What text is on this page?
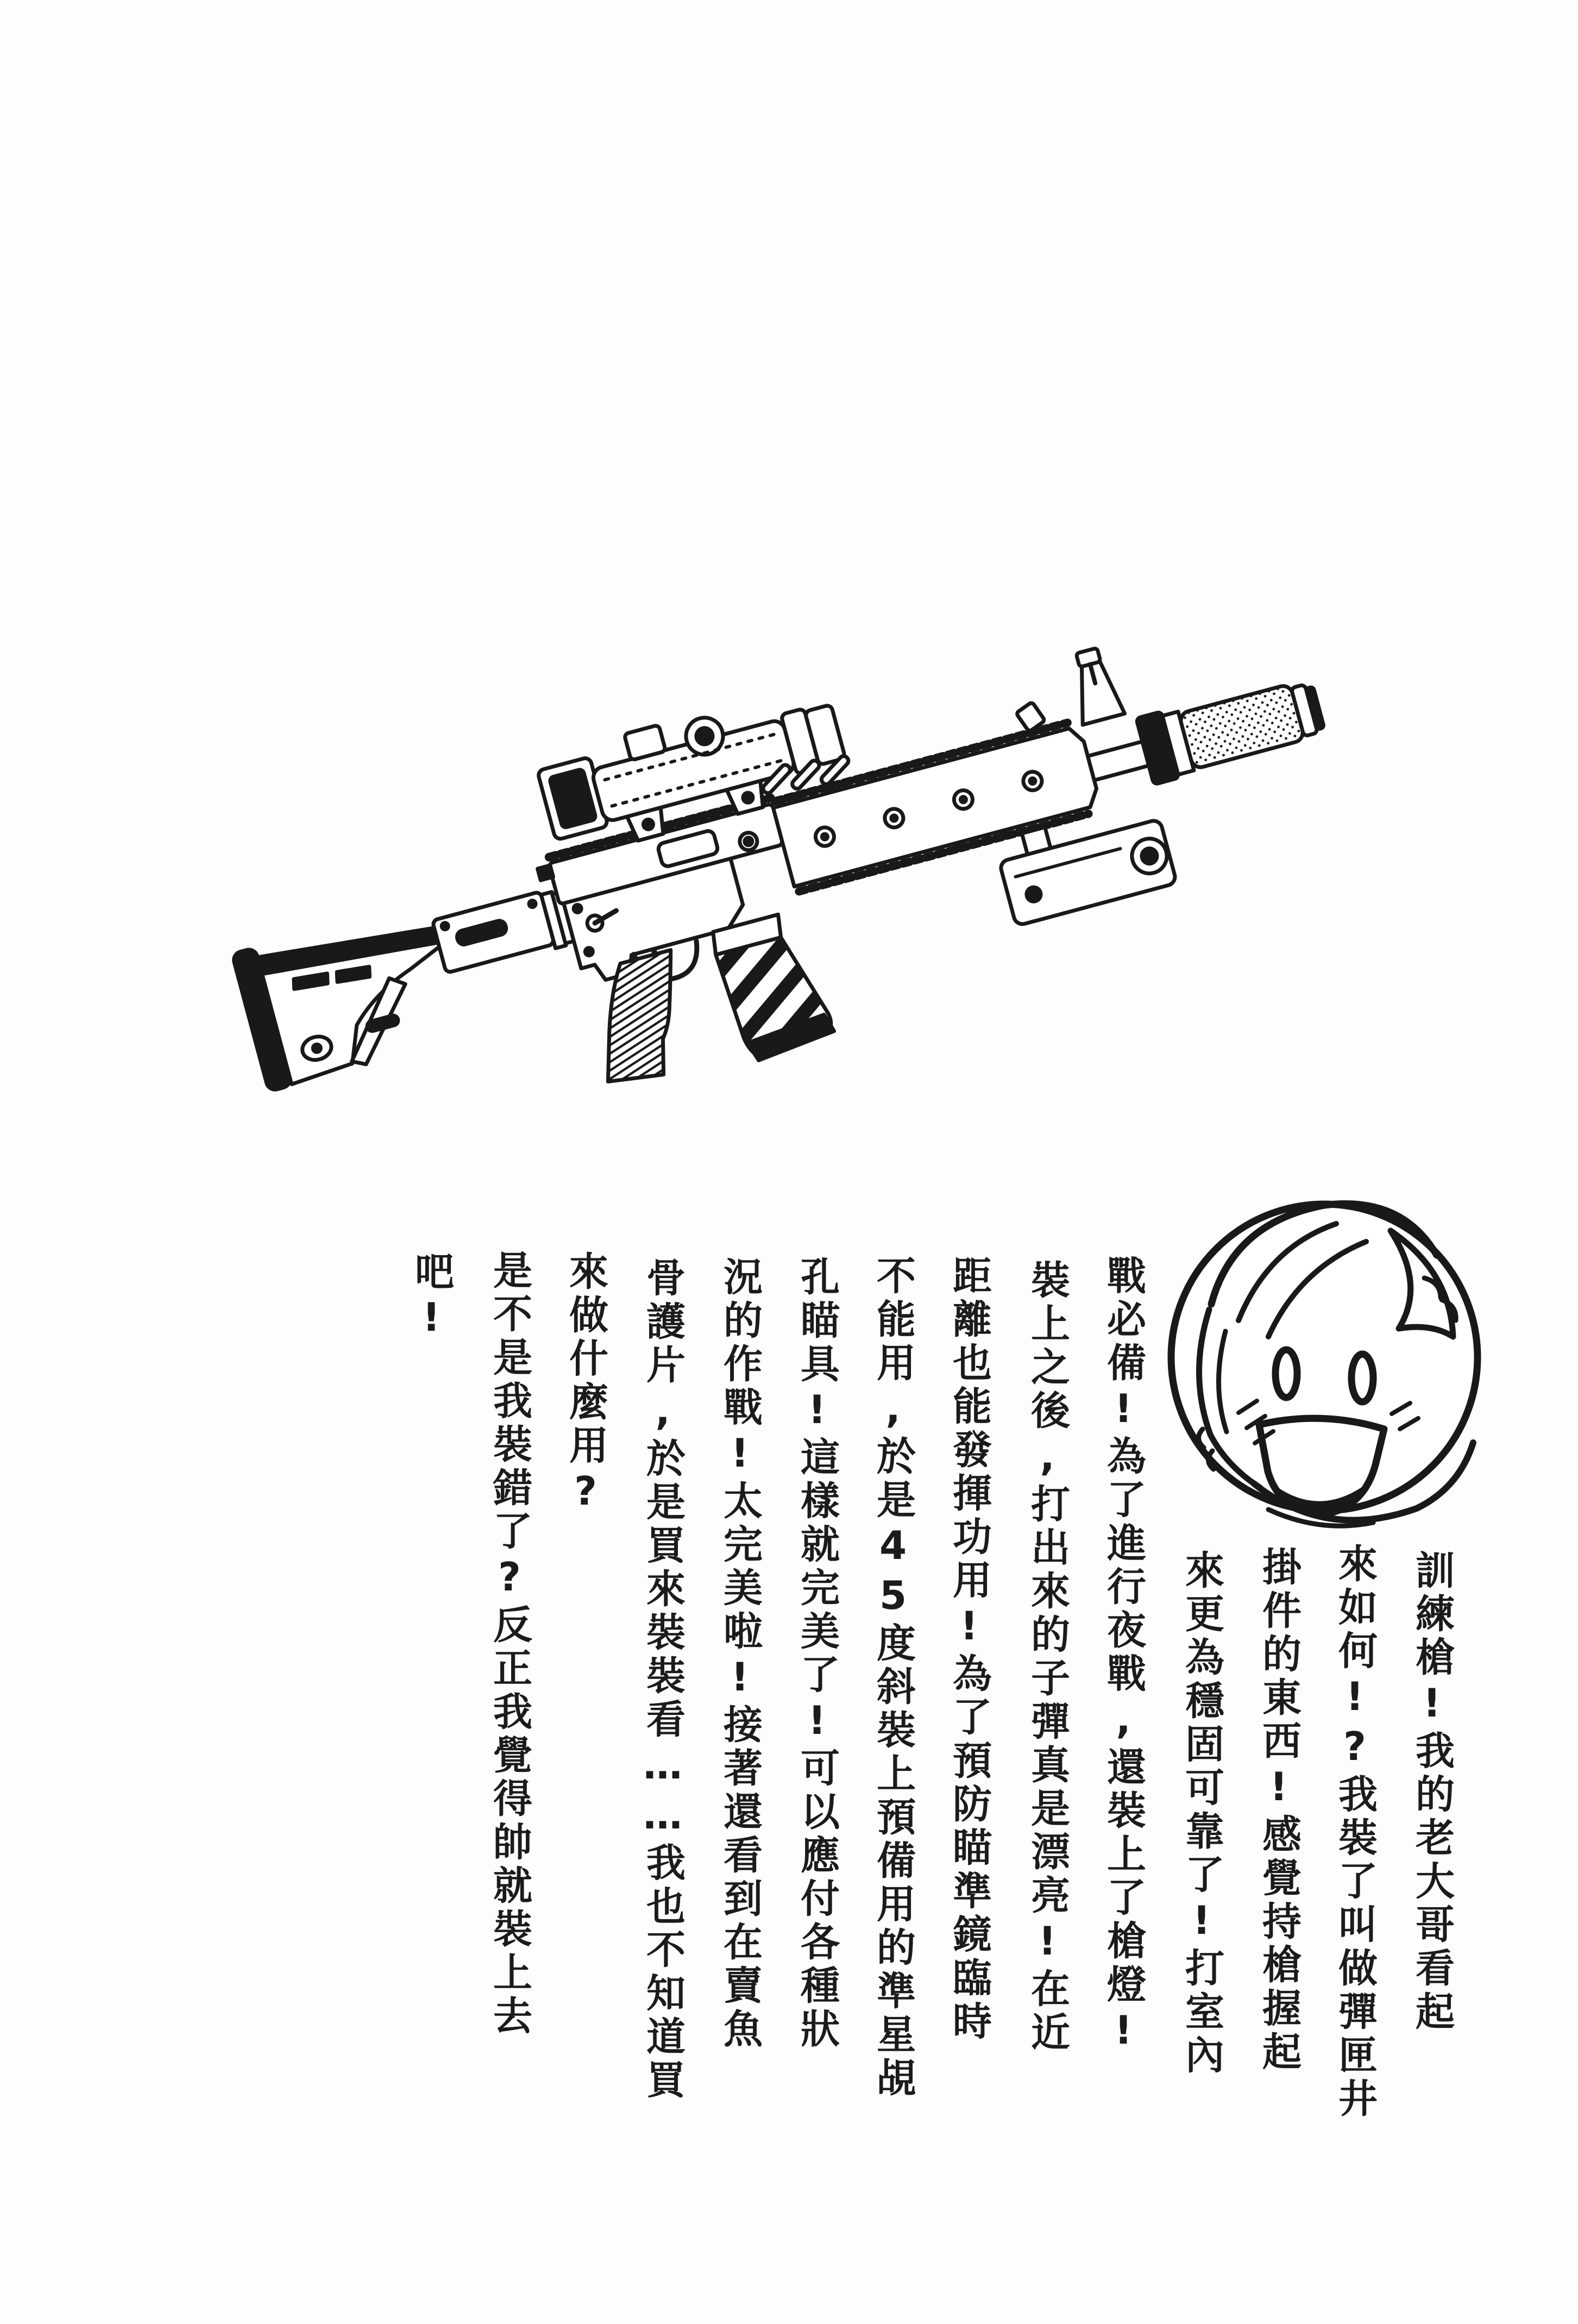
訓練槍!我的老大哥看起
來如何!?我裝了叫做彈匣井
掛件的東西!感覺持槍握起
來更為穩固可靠了!打室內
戰必備!為了進行夜戰,還裝上了槍燈!
裝上之後,打出來的子彈真是漂亮!在近
距離也能發揮功用!為了預防瞄準鏡臨時
不能用,於是45度斜裝上預備用的準星覘
孔瞄具!這樣就完美了!可以應付各種狀
況的作戰!太完美啦!接著還看到在賣魚
骨護片,於是買來裝裝看……我也不知道買
來做什麼用?
是不是我裝錯了?反正我覺得帥就裝上去
吧!
